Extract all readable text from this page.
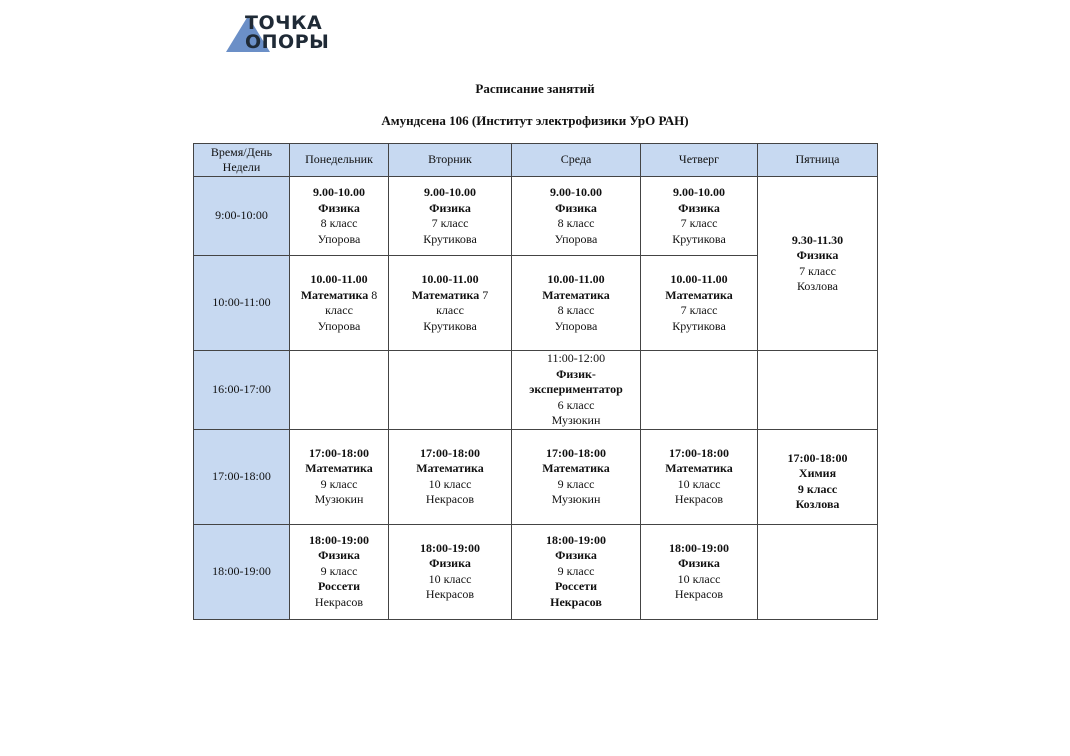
ТОЧКА
ОПОРЫ
Расписание занятий
Амундсена 106 (Институт электрофизики УрО РАН)
Время/День Недели	Понедельник	Вторник	Среда	Четверг	Пятница
9:00-10:00	9.00-10.00
Физика
8 класс
Упорова	9.00-10.00
Физика
7 класс
Крутикова	9.00-10.00
Физика
8 класс
Упорова	9.00-10.00
Физика
7 класс
Крутикова	9.30-11.30
Физика
7 класс
Козлова

10:00-11:00	10.00-11.00
Математика 8
класс
Упорова	10.00-11.00
Математика 7
класс
Крутикова	10.00-11.00
Математика
8 класс
Упорова	10.00-11.00
Математика
7 класс
Крутикова	

16:00-17:00			11:00-12:00
Физик-
экспериментатор
6 класс
Музюкин		

17:00-18:00	17:00-18:00
Математика
9 класс
Музюкин	17:00-18:00
Математика
10 класс
Некрасов	17:00-18:00
Математика
9 класс
Музюкин	17:00-18:00
Математика
10 класс
Некрасов	17:00-18:00
Химия
9 класс
Козлова

18:00-19:00	18:00-19:00
Физика
9 класс
Россети
Некрасов	18:00-19:00
Физика
10 класс
Некрасов	18:00-19:00
Физика
9 класс
Россети
Некрасов	18:00-19:00
Физика
10 класс
Некрасов	
